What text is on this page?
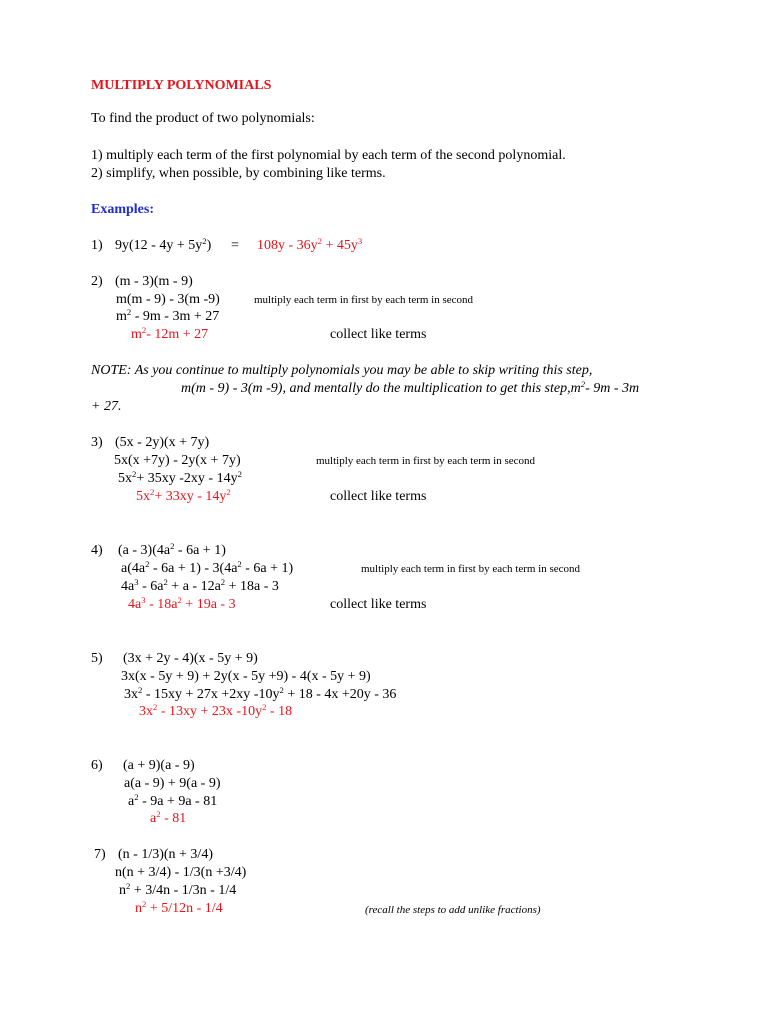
MULTIPLY POLYNOMIALS
To find the product of two polynomials:
1) multiply each term of the first polynomial by each term of the second polynomial.
2) simplify, when possible, by combining like terms.
Examples:
1) $9y(12 - 4y + 5y^2) = 108y - 36y^2 + 45y^3$
2) (m - 3)(m - 9)
m(m - 9) - 3(m -9)	multiply each term in first by each term in second
$m^2 - 9m - 3m + 27$
$m^2-$ 12m + 27	collect like terms
NOTE: As you continue to multiply polynomials you may be able to skip writing this step,
m(m - 9) - 3(m -9), and mentally do the multiplication to get this $step,m^2-$ 9m - 3m
+ 27.
3) (5x - 2y)(x + 7y)
5x(x +7y) - 2y(x + 7y)	multiply each term in first by each term in second
$5x^2+ 35xy$ $-2xy - 14y^2$
$5x^2+ 33xy - 14y^2$	collect like terms
4) $(a - 3)(4a^2 - 6a + 1)$
$a(4a^2 - 6a + 1) - 3(4a^2 - 6a + 1)$	multiply each term in first by each term in second
$4a^3 - 6a^2 + a - 12a^2 + 18a - 3$
$4a^3 - 18a^2 + 19a - 3$	collect like terms
5) (3x + 2y - 4)(x - 5y + 9)
3x(x - 5y + 9) + 2y(x - 5y +9) - 4(x - 5y + 9)
$3x^2 - 15xy + 27x +2xy$ $-10y^2 + 18 - 4x +20y - 36$
$3x^2 - 13xy + 23x$ $-10y^2 - 18$
6) (a + 9)(a - 9)
a(a - 9) + 9(a - 9)
$a^2 - 9a + 9a - 81$
$a^2 - 81$
7) (n - 1/3)(n + 3/4)
n(n + 3/4) - 1/3(n +3/4)
$n^2 + 3/4n - 1/3n - 1/4$
$n^2 + 5/12n - 1/4$	(recall the steps to add unlike fractions)
